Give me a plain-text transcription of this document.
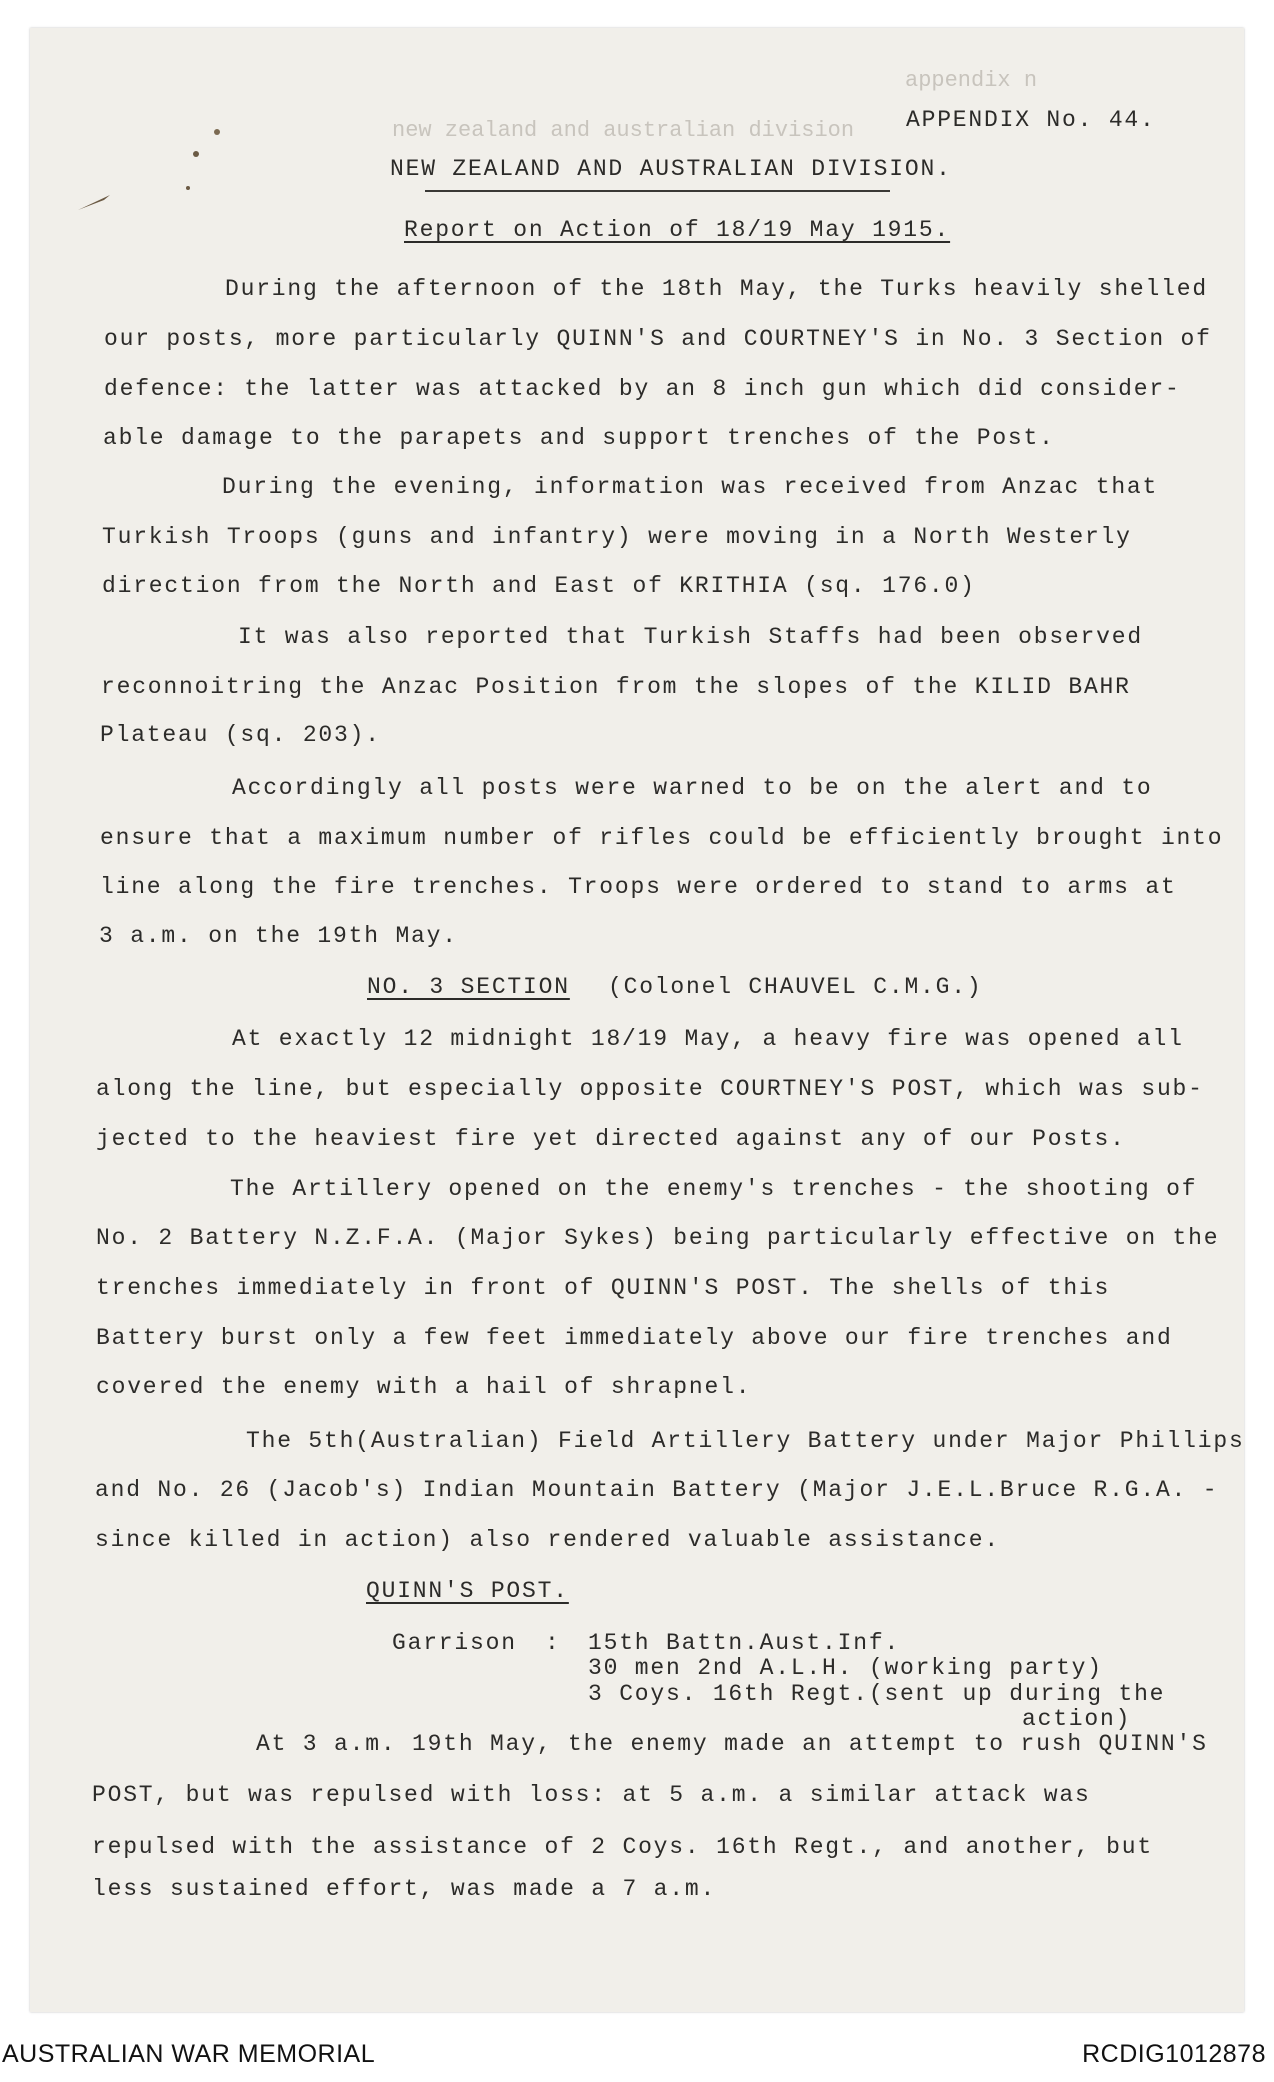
appendix n
new zealand and australian division APPENDIX No. 44.
NEW ZEALAND AND AUSTRALIAN DIVISION.
Report on Action of 18/19 May 1915.
During the afternoon of the 18th May, the Turks heavily shelled
our posts, more particularly QUINN'S and COURTNEY'S in No. 3 Section of
defence: the latter was attacked by an 8 inch gun which did consider-
able damage to the parapets and support trenches of the Post.
During the evening, information was received from Anzac that
Turkish Troops (guns and infantry) were moving in a North Westerly
direction from the North and East of KRITHIA (sq. 176.0)
It was also reported that Turkish Staffs had been observed
reconnoitring the Anzac Position from the slopes of the KILID BAHR
Plateau (sq. 203).
Accordingly all posts were warned to be on the alert and to
ensure that a maximum number of rifles could be efficiently brought into
line along the fire trenches. Troops were ordered to stand to arms at
3 a.m. on the 19th May.
NO. 3 SECTION (Colonel CHAUVEL C.M.G.)
At exactly 12 midnight 18/19 May, a heavy fire was opened all
along the line, but especially opposite COURTNEY'S POST, which was sub-
jected to the heaviest fire yet directed against any of our Posts.
The Artillery opened on the enemy's trenches - the shooting of
No. 2 Battery N.Z.F.A. (Major Sykes) being particularly effective on the
trenches immediately in front of QUINN'S POST. The shells of this
Battery burst only a few feet immediately above our fire trenches and
covered the enemy with a hail of shrapnel.
The 5th(Australian) Field Artillery Battery under Major Phillips
and No. 26 (Jacob's) Indian Mountain Battery (Major J.E.L.Bruce R.G.A. -
since killed in action) also rendered valuable assistance.
QUINN'S POST.
Garrison : 15th Battn.Aust.Inf.
30 men 2nd A.L.H. (working party)
3 Coys. 16th Regt.(sent up during the
action)
At 3 a.m. 19th May, the enemy made an attempt to rush QUINN'S
POST, but was repulsed with loss: at 5 a.m. a similar attack was
repulsed with the assistance of 2 Coys. 16th Regt., and another, but
less sustained effort, was made a 7 a.m.
AUSTRALIAN WAR MEMORIAL	RCDIG1012878
